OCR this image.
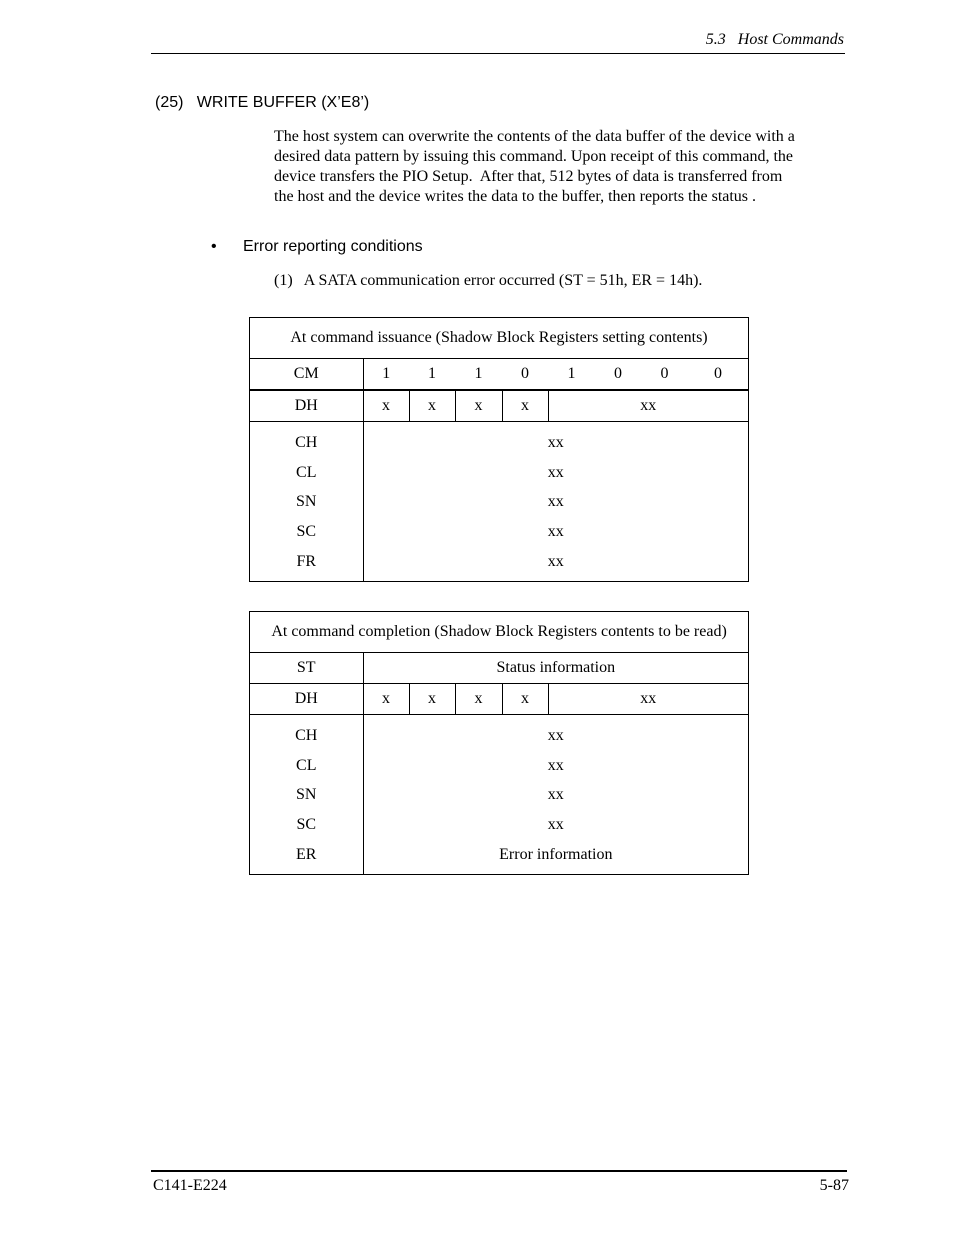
5.3   Host Commands
(25)   WRITE BUFFER (X’E8’)
The host system can overwrite the contents of the data buffer of the device with a
desired data pattern by issuing this command. Upon receipt of this command, the
device transfers the PIO Setup.  After that, 512 bytes of data is transferred from
the host and the device writes the data to the buffer, then reports the status .
• Error reporting conditions
(1)   A SATA communication error occurred (ST = 51h, ER = 14h).
At command issuance (Shadow Block Registers setting contents)								
CM	1	1	1	0	1	0	0	0
DH	x	x	x	x	xx			
CH	xx							
CL	xx							
SN	xx							
SC	xx							
FR	xx							
At command completion (Shadow Block Registers contents to be read)					
ST	Status information				
DH	x	x	x	x	xx
CH	xx				
CL	xx				
SN	xx				
SC	xx				
ER	Error information				
C141-E224	5-87
